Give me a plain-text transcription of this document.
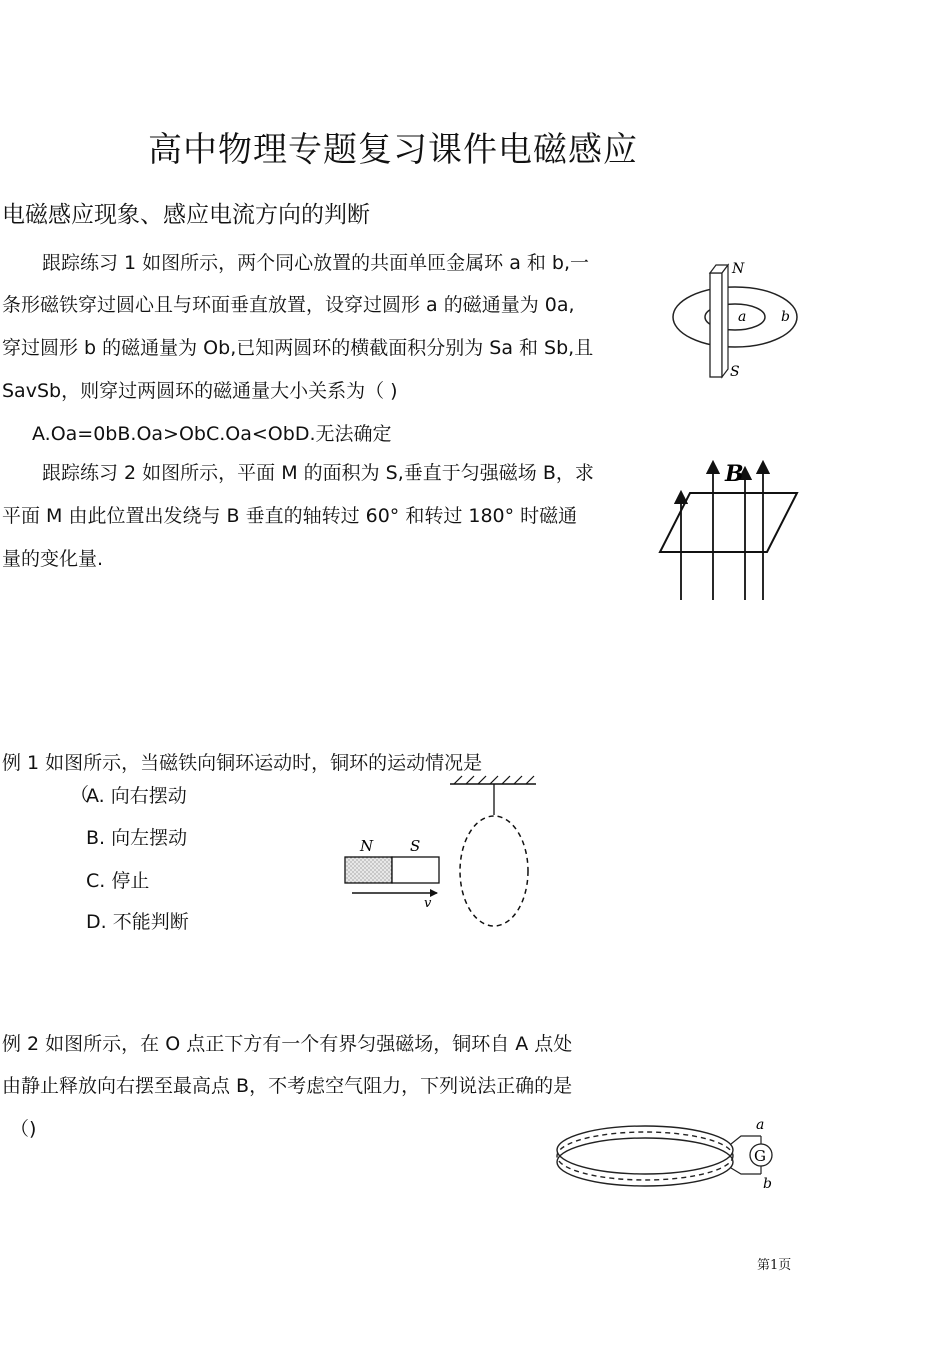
高中物理专题复习课件电磁感应
电磁感应现象、感应电流方向的判断
跟踪练习 1 如图所示，两个同心放置的共面单匝金属环 a 和 b,一
条形磁铁穿过圆心且与环面垂直放置，设穿过圆形 a 的磁通量为 0a,
穿过圆形 b 的磁通量为 Ob,已知两圆环的横截面积分别为 Sa 和 Sb,且
SavSb，则穿过两圆环的磁通量大小关系为（ )
A.Oa=0bB.Oa>ObC.Oa<ObD.无法确定
跟踪练习 2 如图所示，平面 M 的面积为 S,垂直于匀强磁场 B，求
平面 M 由此位置出发绕与 B 垂直的轴转过 60° 和转过 180° 时磁通
量的变化量.
例 1 如图所示，当磁铁向铜环运动时，铜环的运动情况是
（
A. 向右摆动
B. 向左摆动
C. 停止
D. 不能判断
例 2 如图所示，在 O 点正下方有一个有界匀强磁场，铜环自 A 点处
由静止释放向右摆至最高点 B，不考虑空气阻力，下列说法正确的是
（)
N
S
a b
B
N S
v
G
a
b
第1页
